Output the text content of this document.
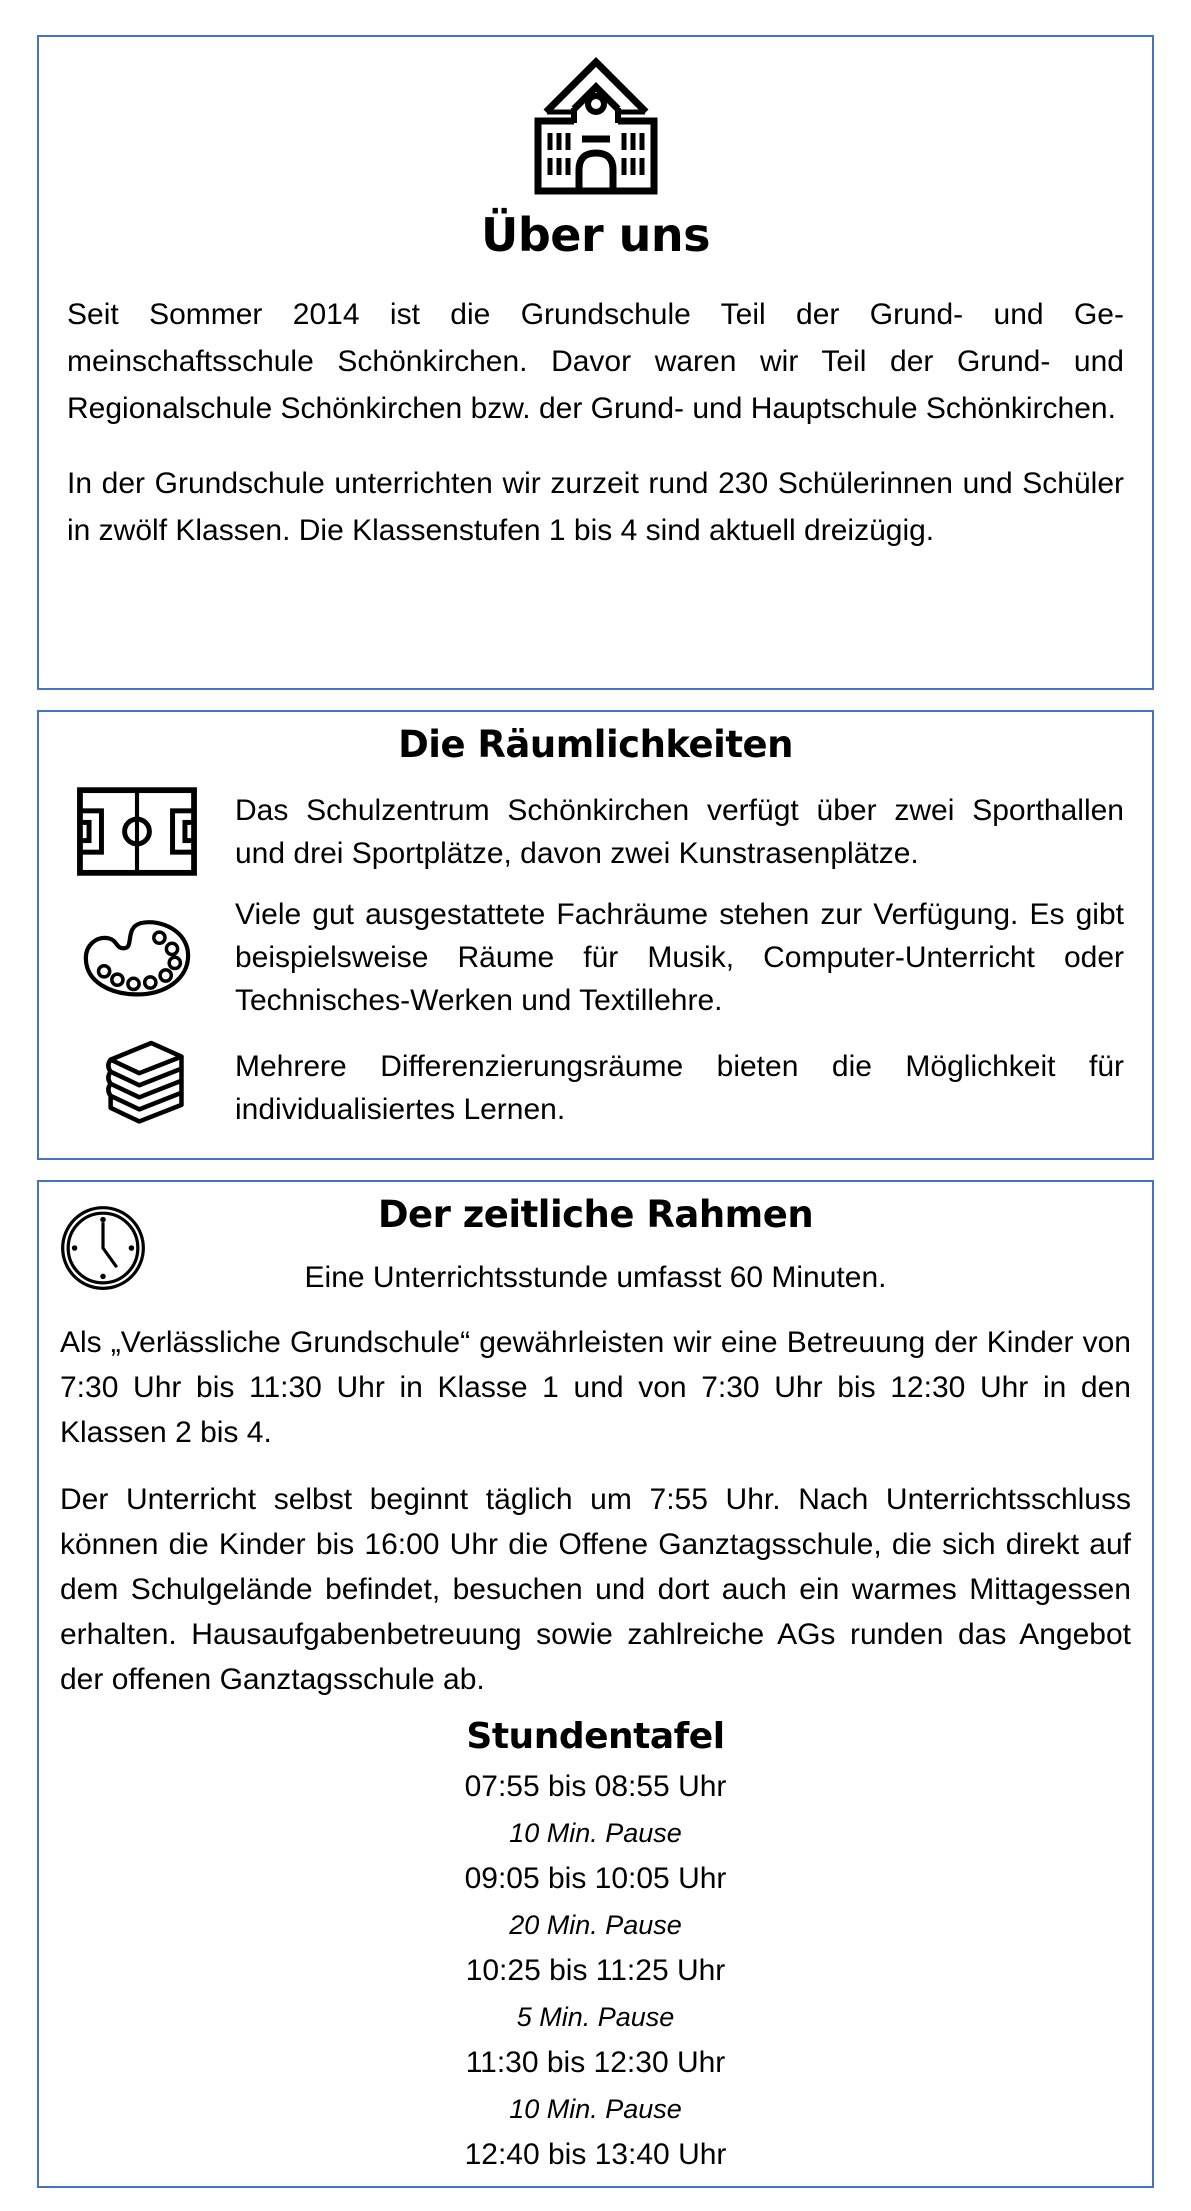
Über uns

Seit Sommer 2014 ist die Grundschule Teil der Grund- und Gemeinschaftsschule Schönkirchen. Davor waren wir Teil der Grund- und Regionalschule Schönkirchen bzw. der Grund- und Hauptschule Schönkirchen.

In der Grundschule unterrichten wir zurzeit rund 230 Schülerinnen und Schüler in zwölf Klassen. Die Klassenstufen 1 bis 4 sind aktuell dreizügig.

Die Räumlichkeiten

Das Schulzentrum Schönkirchen verfügt über zwei Sporthallen und drei Sportplätze, davon zwei Kunstrasenplätze.

Viele gut ausgestattete Fachräume stehen zur Verfügung. Es gibt beispielsweise Räume für Musik, Computer-Unterricht oder Technisches-Werken und Textillehre.

Mehrere Differenzierungsräume bieten die Möglichkeit für individualisiertes Lernen.

Der zeitliche Rahmen

Eine Unterrichtsstunde umfasst 60 Minuten.

Als „Verlässliche Grundschule“ gewährleisten wir eine Betreuung der Kinder von 7:30 Uhr bis 11:30 Uhr in Klasse 1 und von 7:30 Uhr bis 12:30 Uhr in den Klassen 2 bis 4.

Der Unterricht selbst beginnt täglich um 7:55 Uhr. Nach Unterrichtsschluss können die Kinder bis 16:00 Uhr die Offene Ganztagsschule, die sich direkt auf dem Schulgelände befindet, besuchen und dort auch ein warmes Mittagessen erhalten. Hausaufgabenbetreuung sowie zahlreiche AGs runden das Angebot der offenen Ganztagsschule ab.

Stundentafel
07:55 bis 08:55 Uhr
10 Min. Pause
09:05 bis 10:05 Uhr
20 Min. Pause
10:25 bis 11:25 Uhr
5 Min. Pause
11:30 bis 12:30 Uhr
10 Min. Pause
12:40 bis 13:40 Uhr
